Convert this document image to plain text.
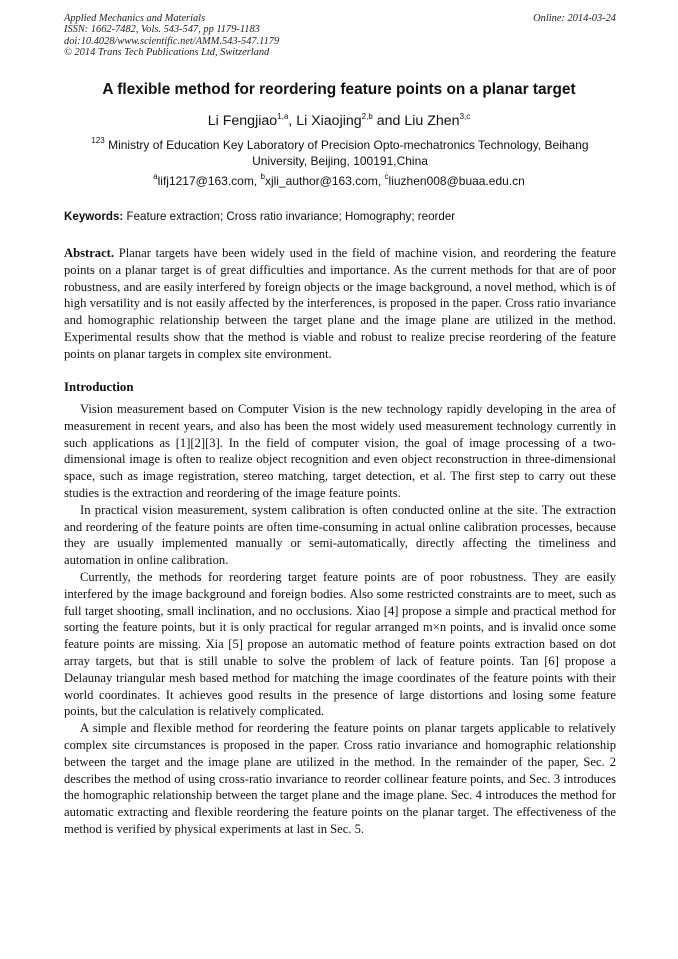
Applied Mechanics and Materials
ISSN: 1662-7482, Vols. 543-547, pp 1179-1183
doi:10.4028/www.scientific.net/AMM.543-547.1179
© 2014 Trans Tech Publications Ltd, Switzerland
Online: 2014-03-24
A flexible method for reordering feature points on a planar target
Li Fengjiao$^{1,a}$, Li Xiaojing$^{2,b}$ and Liu Zhen$^{3,c}$
$^{123}$ Ministry of Education Key Laboratory of Precision Opto-mechatronics Technology, Beihang University, Beijing, 100191,China
$^a$lifj1217@163.com, $^b$xjli_author@163.com, $^c$liuzhen008@buaa.edu.cn
Keywords: Feature extraction; Cross ratio invariance; Homography; reorder
Abstract. Planar targets have been widely used in the field of machine vision, and reordering the feature points on a planar target is of great difficulties and importance. As the current methods for that are of poor robustness, and are easily interfered by foreign objects or the image background, a novel method, which is of high versatility and is not easily affected by the interferences, is proposed in the paper. Cross ratio invariance and homographic relationship between the target plane and the image plane are utilized in the method. Experimental results show that the method is viable and robust to realize precise reordering of the feature points on planar targets in complex site environment.
Introduction

Vision measurement based on Computer Vision is the new technology rapidly developing in the area of measurement in recent years, and also has been the most widely used measurement technology currently in such applications as [1][2][3]. In the field of computer vision, the goal of image processing of a two-dimensional image is often to realize object recognition and even object reconstruction in three-dimensional space, such as image registration, stereo matching, target detection, et al. The first step to carry out these studies is the extraction and reordering of the image feature points.

In practical vision measurement, system calibration is often conducted online at the site. The extraction and reordering of the feature points are often time-consuming in actual online calibration processes, because they are usually implemented manually or semi-automatically, directly affecting the timeliness and automation in online calibration.

Currently, the methods for reordering target feature points are of poor robustness. They are easily interfered by the image background and foreign bodies. Also some restricted constraints are to meet, such as full target shooting, small inclination, and no occlusions. Xiao [4] propose a simple and practical method for sorting the feature points, but it is only practical for regular arranged m×n points, and is invalid once some feature points are missing. Xia [5] propose an automatic method of feature points extraction based on dot array targets, but that is still unable to solve the problem of lack of feature points. Tan [6] propose a Delaunay triangular mesh based method for matching the image coordinates of the feature points with their world coordinates. It achieves good results in the presence of large distortions and losing some feature points, but the calculation is relatively complicated.

A simple and flexible method for reordering the feature points on planar targets applicable to relatively complex site circumstances is proposed in the paper. Cross ratio invariance and homographic relationship between the target and the image plane are utilized in the method. In the remainder of the paper, Sec. 2 describes the method of using cross-ratio invariance to reorder collinear feature points, and Sec. 3 introduces the homographic relationship between the target plane and the image plane. Sec. 4 introduces the method for automatic extracting and flexible reordering the feature points on the planar target. The effectiveness of the method is verified by physical experiments at last in Sec. 5.
